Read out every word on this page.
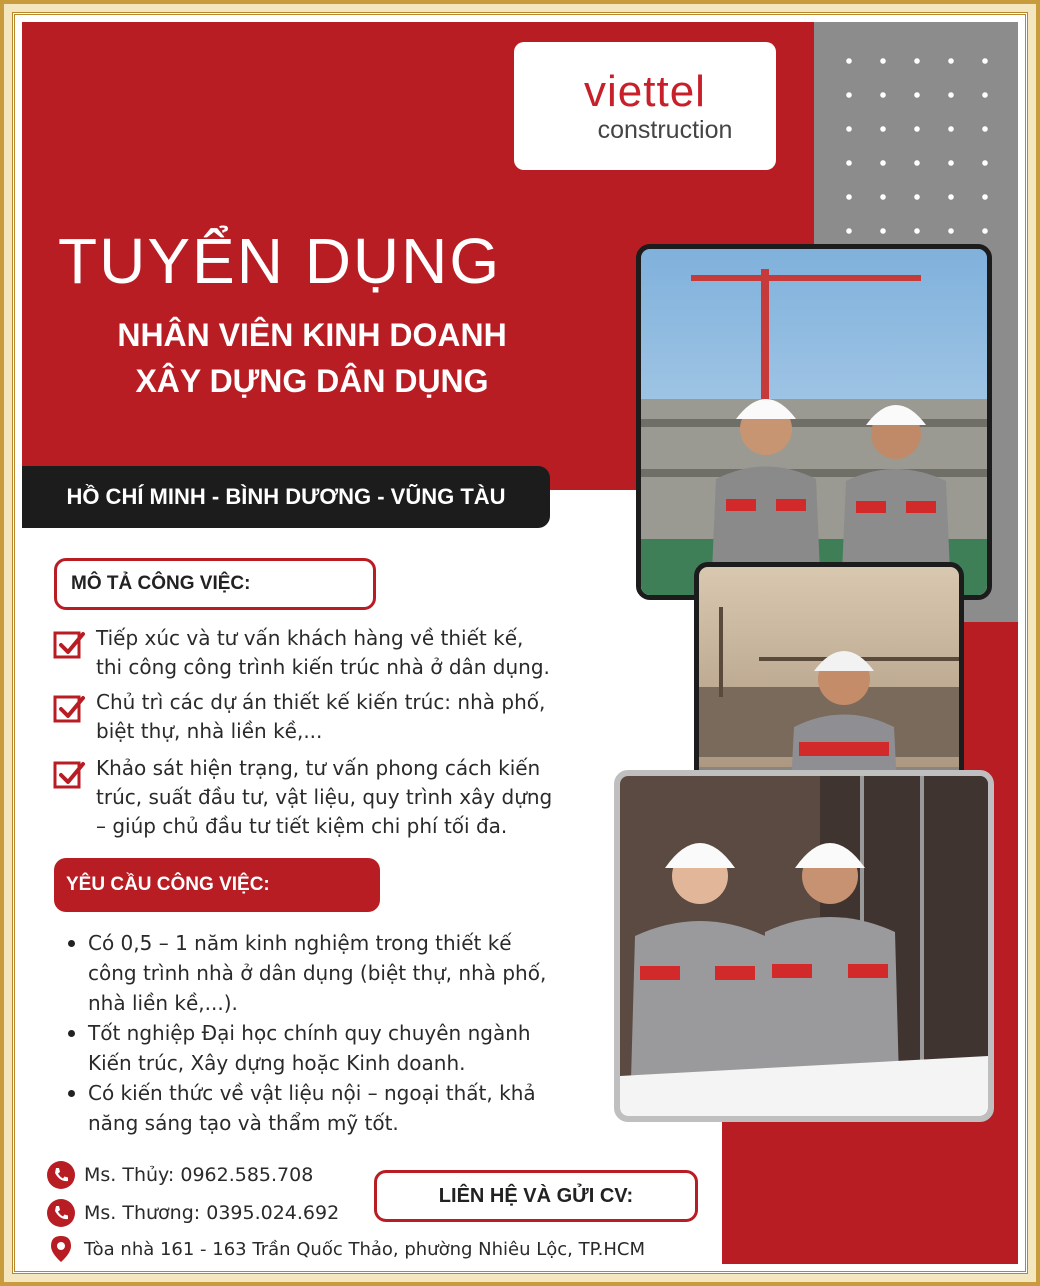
viettel
construction
TUYỂN DỤNG
NHÂN VIÊN KINH DOANH
XÂY DỰNG DÂN DỤNG
HỒ CHÍ MINH - BÌNH DƯƠNG - VŨNG TÀU
MÔ TẢ CÔNG VIỆC:
Tiếp xúc và tư vấn khách hàng về thiết kế,
thi công công trình kiến trúc nhà ở dân dụng.
Chủ trì các dự án thiết kế kiến trúc: nhà phố,
biệt thự, nhà liền kề,...
Khảo sát hiện trạng, tư vấn phong cách kiến
trúc, suất đầu tư, vật liệu, quy trình xây dựng
– giúp chủ đầu tư tiết kiệm chi phí tối đa.
YÊU CẦU CÔNG VIỆC:
Có 0,5 – 1 năm kinh nghiệm trong thiết kế
công trình nhà ở dân dụng (biệt thự, nhà phố,
nhà liền kề,...).
Tốt nghiệp Đại học chính quy chuyên ngành
Kiến trúc, Xây dựng hoặc Kinh doanh.
Có kiến thức về vật liệu nội – ngoại thất, khả
năng sáng tạo và thẩm mỹ tốt.
Ms. Thủy: 0962.585.708
Ms. Thương: 0395.024.692
Tòa nhà 161 - 163 Trần Quốc Thảo, phường Nhiêu Lộc, TP.HCM
LIÊN HỆ VÀ GỬI CV:
